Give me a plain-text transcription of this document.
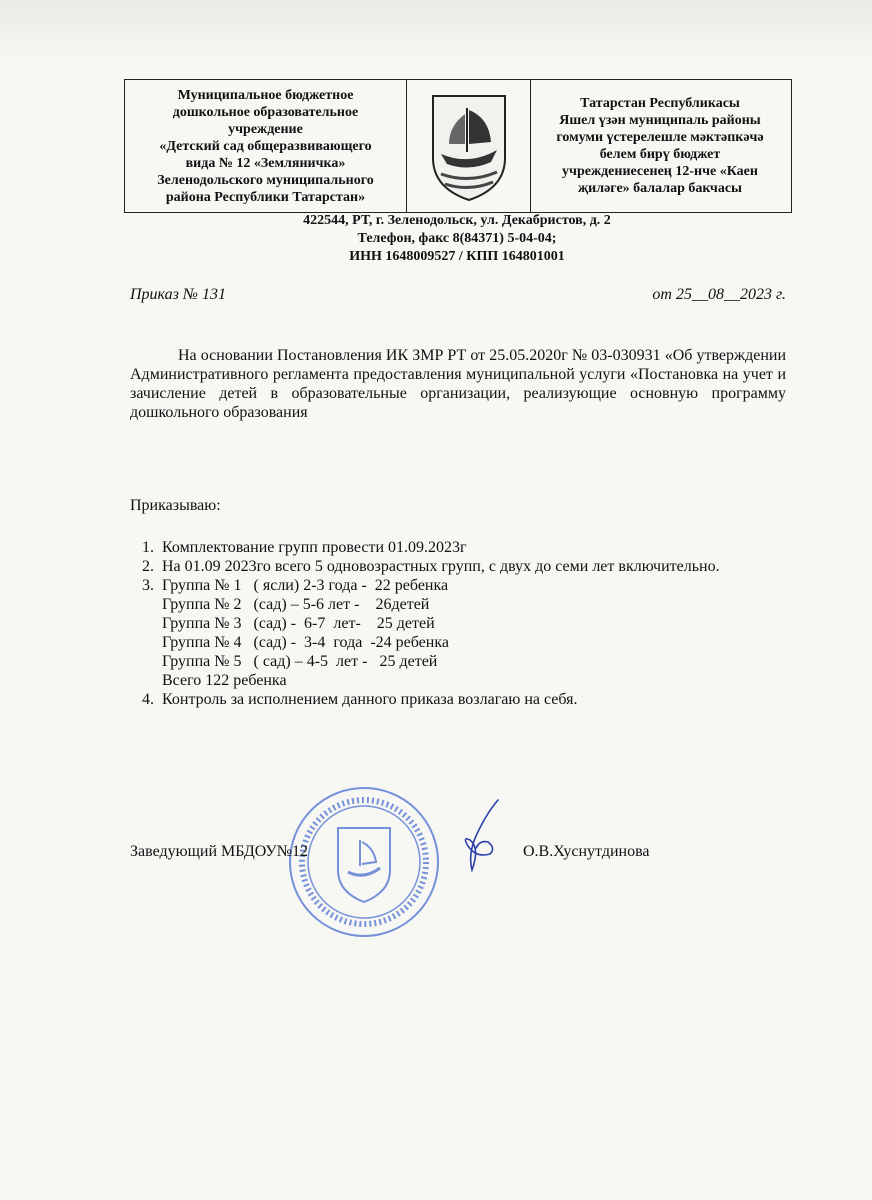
Муниципальное бюджетное
дошкольное образовательное
учреждение
«Детский сад общеразвивающего
вида № 12 «Земляничка»
Зеленодольского муниципального
района Республики Татарстан»
Татарстан Республикасы
Яшел үзән муниципаль районы
гомуми үстерелешле мәктәпкәчә
белем бирү бюджет
учреждениесенең 12-нче «Каен
җиләге» балалар бакчасы
422544, РТ, г. Зеленодольск, ул. Декабристов, д. 2
Телефон, факс 8(84371) 5-04-04;
ИНН 1648009527 / КПП 164801001
Приказ № 131	от 25__08__2023 г.

На основании Постановления ИК ЗМР РТ от 25.05.2020г № 03-030931 «Об утверждении Административного регламента предоставления муниципальной услуги «Постановка на учет и зачисление детей в образовательные организации, реализующие основную программу дошкольного образования

Приказываю:
1. Комплектование групп провести 01.09.2023г
2. На 01.09 2023го всего 5 одновозрастных групп, с двух до семи лет включительно.
3. Группа № 1   ( ясли) 2-3 года -  22 ребенка
Группа № 2   (сад) – 5-6 лет -    26детей
Группа № 3   (сад) -  6-7  лет-    25 детей
Группа № 4   (сад) -  3-4  года  -24 ребенка
Группа № 5   ( сад) – 4-5  лет -   25 детей
Всего 122 ребенка
4. Контроль за исполнением данного приказа возлагаю на себя.
Заведующий МБДОУ№12	О.В.Хуснутдинова
